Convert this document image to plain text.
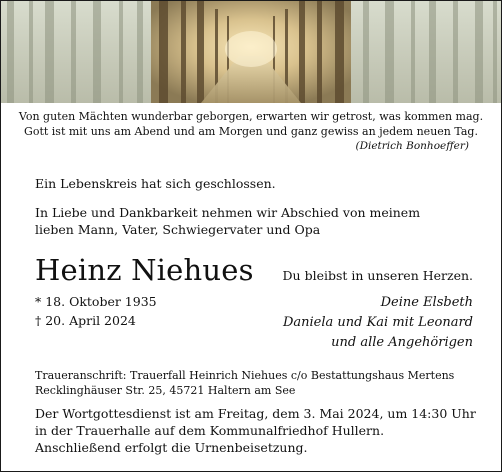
Von guten Mächten wunderbar geborgen, erwarten wir getrost, was kommen mag.
Gott ist mit uns am Abend und am Morgen und ganz gewiss an jedem neuen Tag.
(Dietrich Bonhoeffer)
Ein Lebenskreis hat sich geschlossen.
In Liebe und Dankbarkeit nehmen wir Abschied von meinem
lieben Mann, Vater, Schwiegervater und Opa
Heinz Niehues Du bleibst in unseren Herzen.
* 18. Oktober 1935
† 20. April 2024
Deine Elsbeth
Daniela und Kai mit Leonard
und alle Angehörigen
Traueranschrift: Trauerfall Heinrich Niehues c/o Bestattungshaus Mertens
Recklinghäuser Str. 25, 45721 Haltern am See
Der Wortgottesdienst ist am Freitag, dem 3. Mai 2024, um 14:30 Uhr
in der Trauerhalle auf dem Kommunalfriedhof Hullern.
Anschließend erfolgt die Urnenbeisetzung.
